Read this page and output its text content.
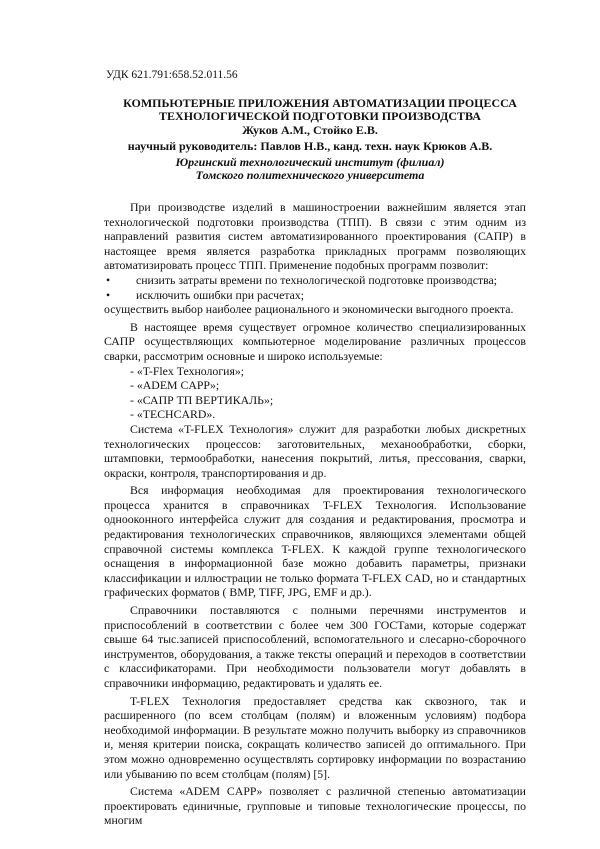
УДК 621.791:658.52.011.56
КОМПЬЮТЕРНЫЕ ПРИЛОЖЕНИЯ АВТОМАТИЗАЦИИ ПРОЦЕССА
ТЕХНОЛОГИЧЕСКОЙ ПОДГОТОВКИ ПРОИЗВОДСТВА
Жуков А.М., Стойко Е.В.
научный руководитель: Павлов Н.В., канд. техн. наук Крюков А.В.
Юргинский технологический институт (филиал)
Томского политехнического университета

При производстве изделий в машиностроении важнейшим является этап технологической подготовки производства (ТПП). В связи с этим одним из направлений развития систем автоматизированного проектирования (САПР) в настоящее время является разработка прикладных программ позволяющих автоматизировать процесс ТПП. Применение подобных программ позволит:

•	снизить затраты времени по технологической подготовке производства;
•	исключить ошибки при расчетах;

осуществить выбор наиболее рационального и экономически выгодного проекта.

В настоящее время существует огромное количество специализированных САПР осуществляющих компьютерное моделирование различных процессов сварки, рассмотрим основные и широко используемые:

- «T-Flex Технология»;

- «ADEM CAPP»;

- «САПР ТП ВЕРТИКАЛЬ»;

- «TECHCARD».

Система «T-FLEX Технология» служит для разработки любых дискретных технологических процессов: заготовительных, механообработки, сборки, штамповки, термообработки, нанесения покрытий, литья, прессования, сварки, окраски, контроля, транспортирования и др.

Вся информация необходимая для проектирования технологического процесса хранится в справочниках T-FLEX Технология. Использование однооконного интерфейса служит для создания и редактирования, просмотра и редактирования технологических справочников, являющихся элементами общей справочной системы комплекса T-FLEX. К каждой группе технологического оснащения в информационной базе можно добавить параметры, признаки классификации и иллюстрации не только формата T-FLEX CAD, но и стандартных графических форматов ( BMP, TIFF, JPG, EMF и др.).

Справочники поставляются с полными перечнями инструментов и приспособлений в соответствии с более чем 300 ГОСТами, которые содержат свыше 64 тыс.записей приспособлений, вспомогательного и слесарно-сборочного инструментов, оборудования, а также тексты операций и переходов в соответствии с классификаторами. При необходимости пользователи могут добавлять в справочники информацию, редактировать и удалять ее.

T-FLEX Технология предоставляет средства как сквозного, так и расширенного (по всем столбцам (полям) и вложенным условиям) подбора необходимой информации. В результате можно получить выборку из справочников и, меняя критерии поиска, сокращать количество записей до оптимального. При этом можно одновременно осуществлять сортировку информации по возрастанию или убыванию по всем столбцам (полям) [5].

Система «ADEM CAPP» позволяет с различной степенью автоматизации проектировать единичные, групповые и типовые технологические процессы, по многим
